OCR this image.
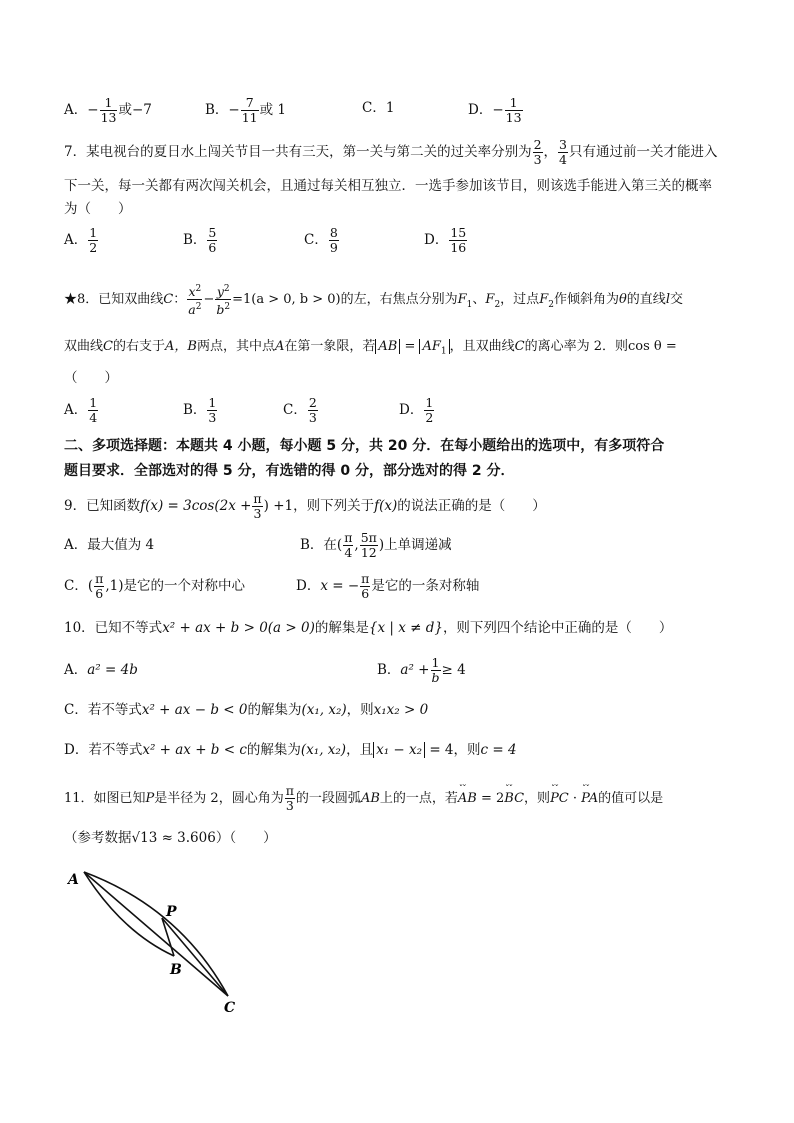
A．− $\frac{1}{13}$ 或−7	B．− $\frac{7}{11}$ 或 1	C．1	D．− $\frac{1}{13}$
7．某电视台的夏日水上闯关节目一共有三天，第一关与第二关的过关率分别为 $\frac{2}{3}$ ， $\frac{3}{4}$ 只有通过前一关才能进入
下一关，每一关都有两次闯关机会，且通过每关相互独立．一选手参加该节目，则该选手能进入第三关的概率
为（　　）
A． $\frac{1}{2}$	B． $\frac{5}{6}$	C． $\frac{8}{9}$	D． $\frac{15}{16}$
★8．已知双曲线C： $\frac{x^2}{a^2} - \frac{y^2}{b^2} =1(a > 0$, b > 0)的左，右焦点分别为$F_1$、$F_2$，过点$F_2$作倾斜角为θ的直线l交
双曲线C的右支于A，B两点，其中点A在第一象限，若 AB = $AF_1$ ，且双曲线C的离心率为 2．则cos θ =
（　　）
A． $\frac{1}{4}$	B． $\frac{1}{3}$	C． $\frac{2}{3}$	D． $\frac{1}{2}$
二、多项选择题：本题共 4 小题，每小题 5 分，共 20 分．在每小题给出的选项中，有多项符合
题目要求．全部选对的得 5 分，有选错的得 0 分，部分选对的得 2 分．
9．已知函数$f(x) = 3\cos(2x + \frac{\pi}{3}$ ) +1，则下列关于f(x)的说法正确的是（　　）
A．最大值为 4	B．在( $\frac{\pi}{4}$ , $\frac{5\pi}{12}$ )上单调递减
C．( $\frac{\pi}{6} ,1$)是它的一个对称中心	D．x = − $\frac{\pi}{6}$ 是它的一条对称轴
10．已知不等式x² + ax + b > 0(a > 0)的解集是{x | x ≠ d}，则下列四个结论中正确的是（　　）
A．a² = 4b	B．$a^2 + \frac{1}{b} \ge 4$
C．若不等式x² + ax − b < 0的解集为(x₁, x₂)，则x₁x₂ > 0
D．若不等式x² + ax + b < c的解集为(x₁, x₂)，且 x₁ − x₂ = 4，则c = 4
11．如图已知P是半径为 2，圆心角为 $\frac{\pi}{3}$ 的一段圆弧AB上的一点，若ˇˇ AB = 2ˇˇ BC，则ˇˇ PC · ˇˇ PA的值可以是
（参考数据√13 ≈ 3.606）（　　）
A
P
B
C
